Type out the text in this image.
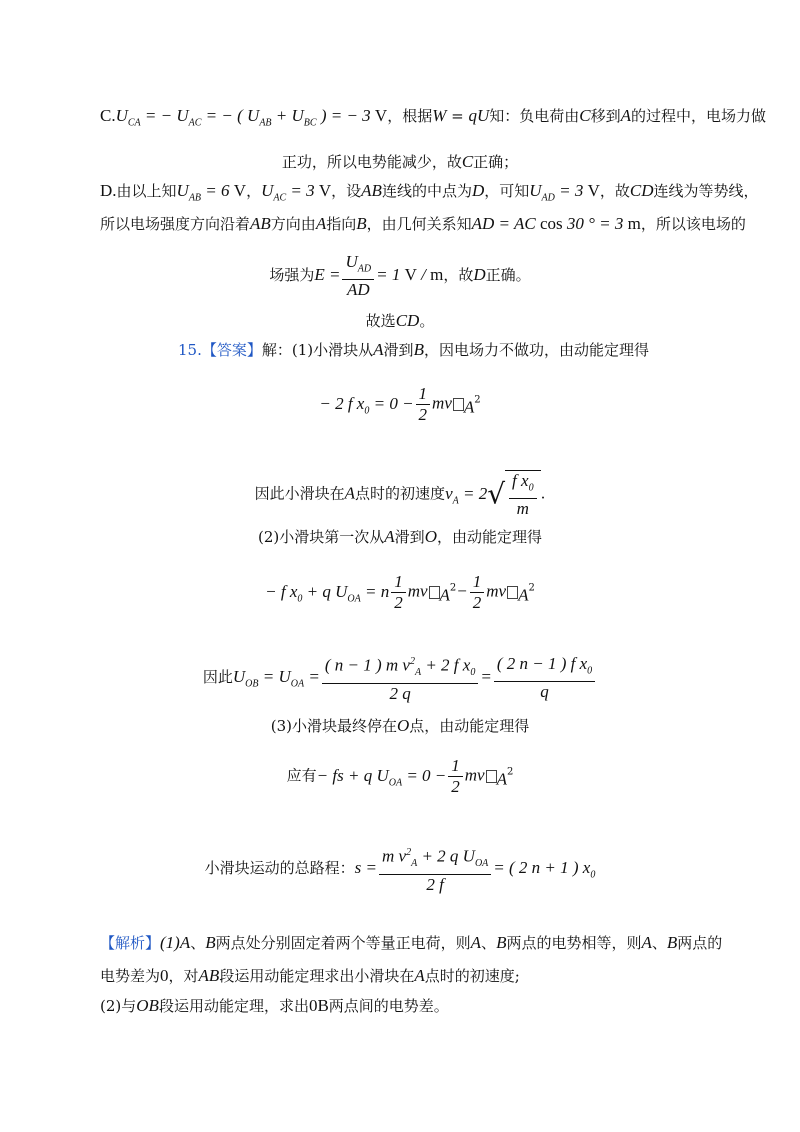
$C.U_{CA}$ = − $U_{AC}$ = − ( $U_{AB} + U_{BC}$ ) = − 3 V，根据W = qU知：负电荷由C移到A的过程中，电场力做
正功，所以电势能减少，故C正确；
D.由以上知$U_{AB} = 6$ V，$U_{AC} = 3$ V，设AB连线的中点为D，可知$U_{AD} = 3$ V，故CD连线为等势线，
所以电场强度方向沿着AB方向由A指向B，由几何关系知AD = AC cos 30 ° = 3 m，所以该电场的
场强为$E = \frac{U_{AD}}{AD} = 1$ V / m，故D正确。
故选CD。
15.【答案】解：(1)小滑块从A滑到B，因电场力不做功，由动能定理得
− 2 f $x_0 = 0 - \frac{1}{2}$ mv $_A^2$
因此小滑块在A点时的初速度$v_A = 2√ \frac{f x_0}{m}$ .
(2)小滑块第一次从A滑到O，由动能定理得
− f $x_0 + q$ $U_{OA} = n \frac{1}{2}$ mv $_A^2- \frac{1}{2}$ mv $_A^2$
因此$U_{OB} = U_{OA} = \frac{( n - 1 ) m v^2_A + 2 f x_0}{2 q} = \frac{( 2 n - 1 ) f x_0}{q}$
(3)小滑块最终停在O点，由动能定理得
应有− fs + q $U_{OA} = 0 - \frac{1}{2}$ mv $_A^2$
小滑块运动的总路程：$s = \frac{m v^2_A + 2 q U_{OA}}{2 f}$ = ( 2 n + 1 ) $x_0$
【解析】(1)A、B两点处分别固定着两个等量正电荷，则A、B两点的电势相等，则A、B两点的
电势差为0，对AB段运用动能定理求出小滑块在A点时的初速度;
(2)与OB段运用动能定理，求出0B两点间的电势差。
